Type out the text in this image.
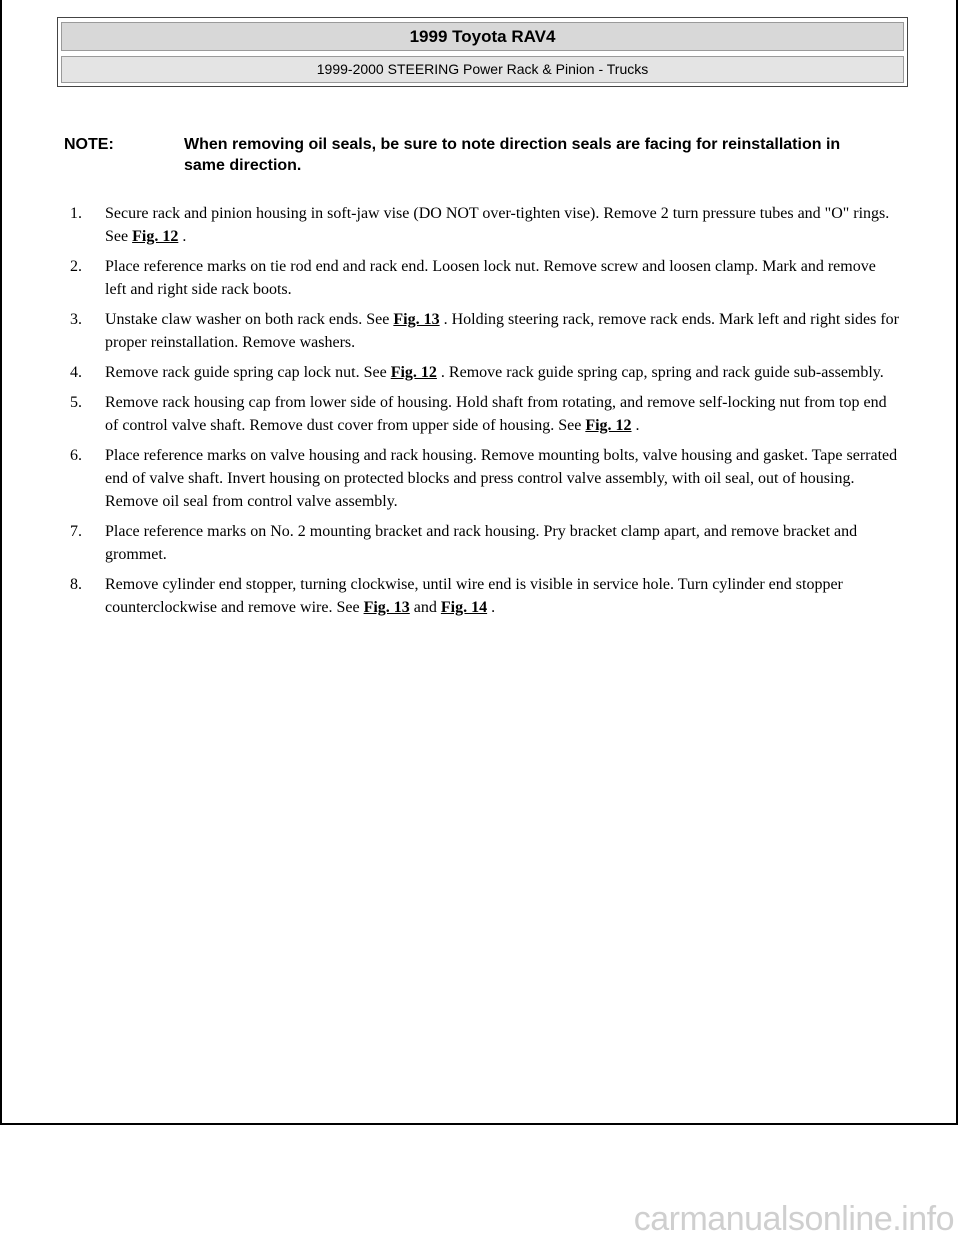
1999 Toyota RAV4
1999-2000 STEERING Power Rack & Pinion - Trucks
NOTE:	When removing oil seals, be sure to note direction seals are facing for reinstallation in same direction.
1. Secure rack and pinion housing in soft-jaw vise (DO NOT over-tighten vise). Remove 2 turn pressure tubes and "O" rings. See Fig. 12 .
2. Place reference marks on tie rod end and rack end. Loosen lock nut. Remove screw and loosen clamp. Mark and remove left and right side rack boots.
3. Unstake claw washer on both rack ends. See Fig. 13 . Holding steering rack, remove rack ends. Mark left and right sides for proper reinstallation. Remove washers.
4. Remove rack guide spring cap lock nut. See Fig. 12 . Remove rack guide spring cap, spring and rack guide sub-assembly.
5. Remove rack housing cap from lower side of housing. Hold shaft from rotating, and remove self-locking nut from top end of control valve shaft. Remove dust cover from upper side of housing. See Fig. 12 .
6. Place reference marks on valve housing and rack housing. Remove mounting bolts, valve housing and gasket. Tape serrated end of valve shaft. Invert housing on protected blocks and press control valve assembly, with oil seal, out of housing. Remove oil seal from control valve assembly.
7. Place reference marks on No. 2 mounting bracket and rack housing. Pry bracket clamp apart, and remove bracket and grommet.
8. Remove cylinder end stopper, turning clockwise, until wire end is visible in service hole. Turn cylinder end stopper counterclockwise and remove wire. See Fig. 13 and Fig. 14 .
carmanualsonline.info
